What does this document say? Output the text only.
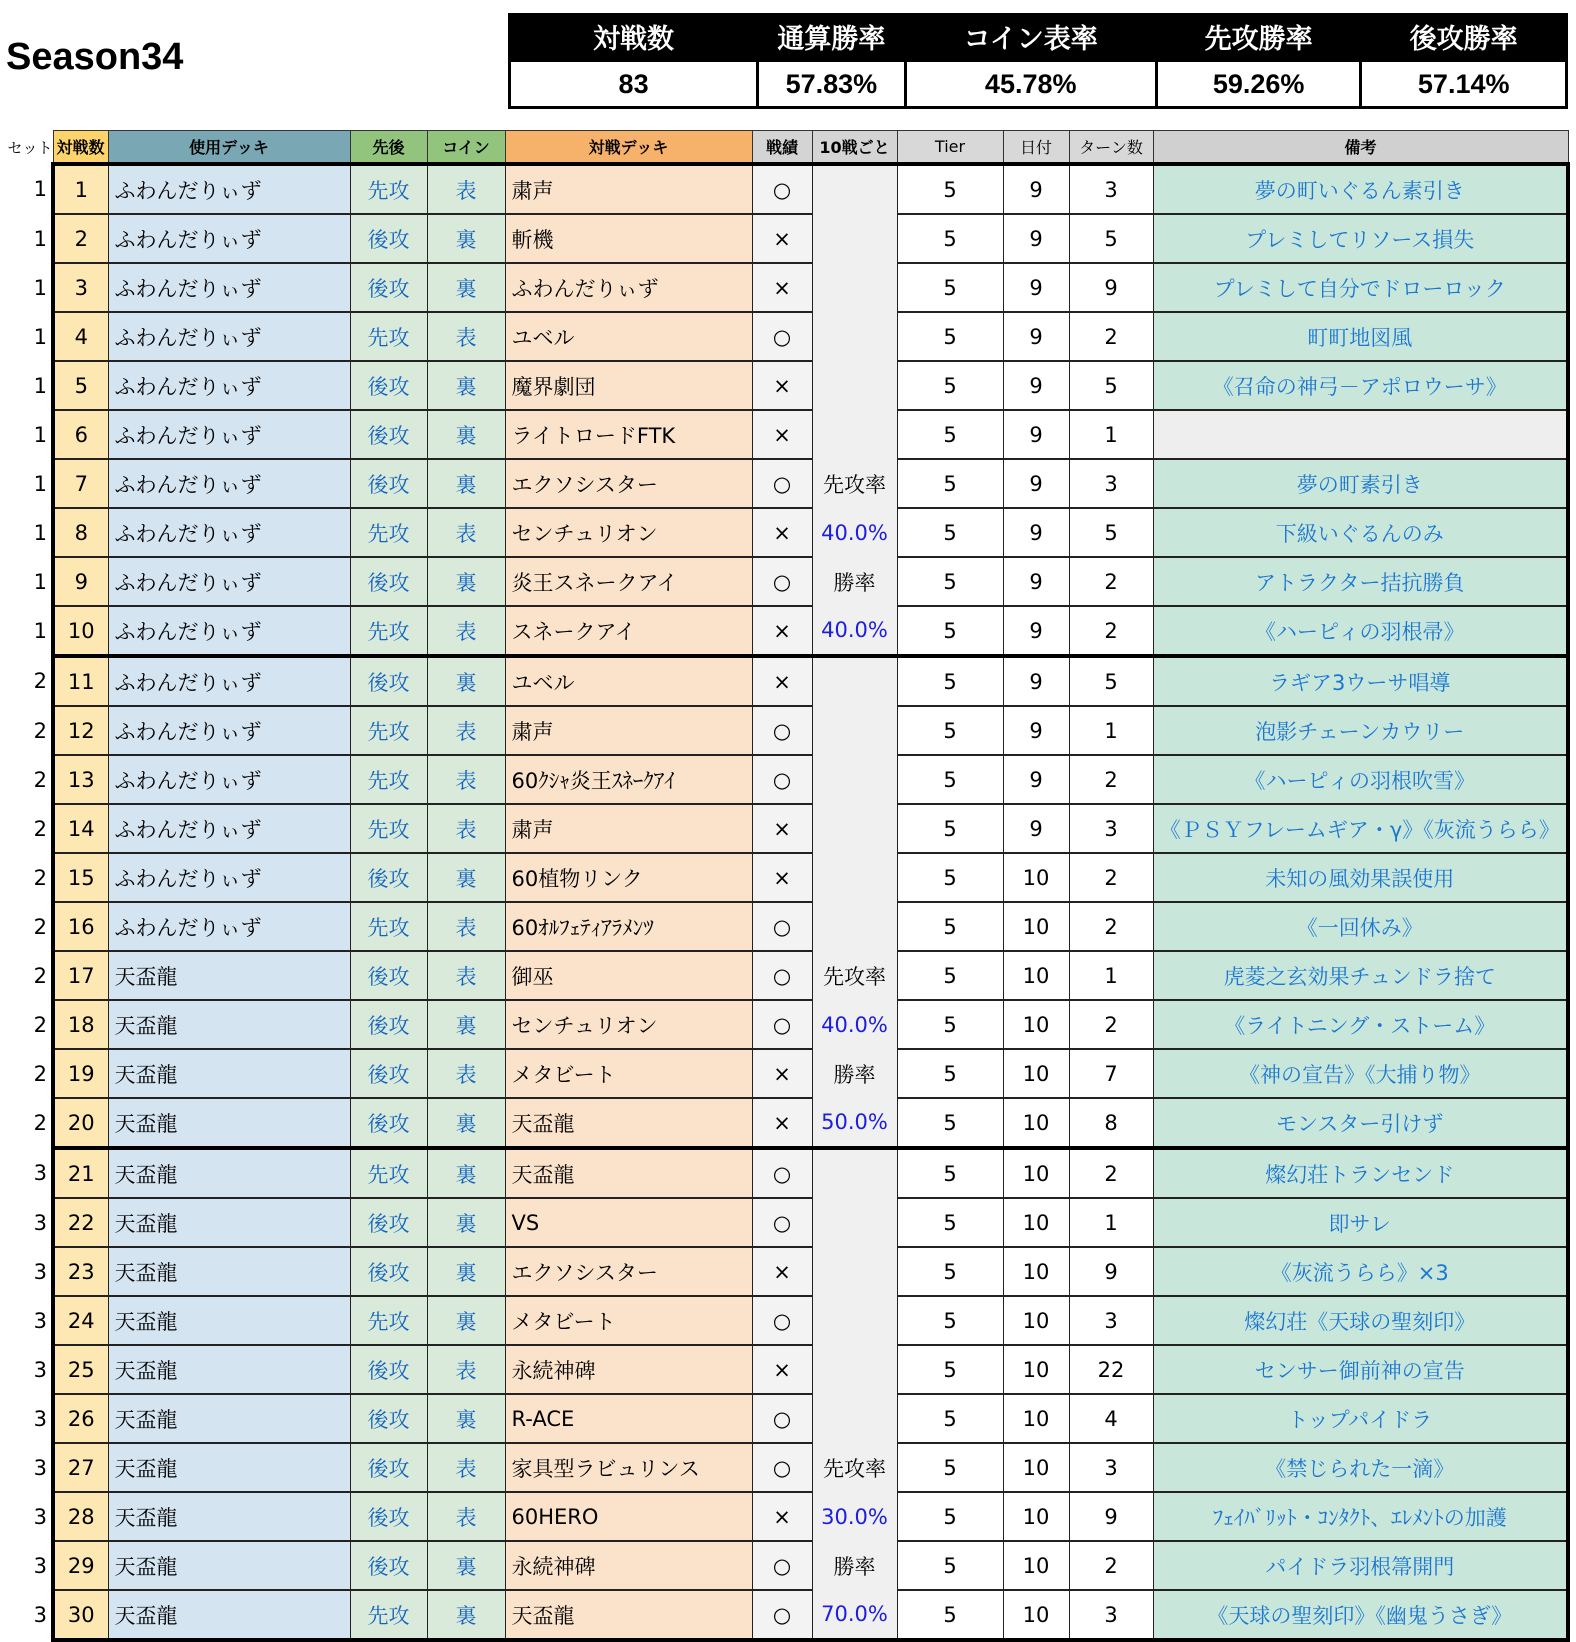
Season34	対戦数	通算勝率	コイン表率	先攻勝率	後攻勝率
83	57.83%	45.78%	59.26%	57.14%
セット	対戦数	使用デッキ	先後	コイン	対戦デッキ	戦績	10戦ごと	Tier	日付	ターン数	備考
1	1	ふわんだりぃず	先攻	表	粛声	○		5	9	3	夢の町いぐるん素引き
1	2	ふわんだりぃず	後攻	裏	斬機	×		5	9	5	プレミしてリソース損失
1	3	ふわんだりぃず	後攻	裏	ふわんだりぃず	×		5	9	9	プレミして自分でドローロック
1	4	ふわんだりぃず	先攻	表	ユベル	○		5	9	2	町町地図風
1	5	ふわんだりぃず	後攻	裏	魔界劇団	×		5	9	5	《召命の神弓－アポロウーサ》
1	6	ふわんだりぃず	後攻	裏	ライトロードFTK	×		5	9	1	
1	7	ふわんだりぃず	後攻	裏	エクソシスター	○	先攻率	5	9	3	夢の町素引き
1	8	ふわんだりぃず	先攻	表	センチュリオン	×	40.0%	5	9	5	下級いぐるんのみ
1	9	ふわんだりぃず	後攻	裏	炎王スネークアイ	○	勝率	5	9	2	アトラクター拮抗勝負
1	10	ふわんだりぃず	先攻	表	スネークアイ	×	40.0%	5	9	2	《ハーピィの羽根帚》
2	11	ふわんだりぃず	後攻	裏	ユベル	×		5	9	5	ラギア3ウーサ唱導
2	12	ふわんだりぃず	先攻	表	粛声	○		5	9	1	泡影チェーンカウリー
2	13	ふわんだりぃず	先攻	表	60ｸｼｬ炎王ｽﾈｰｸｱｲ	○		5	9	2	《ハーピィの羽根吹雪》
2	14	ふわんだりぃず	先攻	表	粛声	×		5	9	3	《ＰＳＹフレームギア・γ》《灰流うらら》
2	15	ふわんだりぃず	後攻	裏	60植物リンク	×		5	10	2	未知の風効果誤使用
2	16	ふわんだりぃず	先攻	表	60ｵﾙﾌｪﾃｨｱﾗﾒﾝﾂ	○		5	10	2	《一回休み》
2	17	天盃龍	後攻	表	御巫	○	先攻率	5	10	1	虎菱之玄効果チュンドラ捨て
2	18	天盃龍	後攻	裏	センチュリオン	○	40.0%	5	10	2	《ライトニング・ストーム》
2	19	天盃龍	後攻	表	メタビート	×	勝率	5	10	7	《神の宣告》《大捕り物》
2	20	天盃龍	後攻	裏	天盃龍	×	50.0%	5	10	8	モンスター引けず
3	21	天盃龍	先攻	裏	天盃龍	○		5	10	2	燦幻荘トランセンド
3	22	天盃龍	後攻	裏	VS	○		5	10	1	即サレ
3	23	天盃龍	後攻	裏	エクソシスター	×		5	10	9	《灰流うらら》×3
3	24	天盃龍	先攻	裏	メタビート	○		5	10	3	燦幻荘《天球の聖刻印》
3	25	天盃龍	後攻	表	永続神碑	×		5	10	22	センサー御前神の宣告
3	26	天盃龍	後攻	裏	R-ACE	○		5	10	4	トップパイドラ
3	27	天盃龍	後攻	表	家具型ラビュリンス	○	先攻率	5	10	3	《禁じられた一滴》
3	28	天盃龍	後攻	表	60HERO	×	30.0%	5	10	9	ﾌｪｲﾊﾞﾘｯﾄ・ｺﾝﾀｸﾄ、ｴﾚﾒﾝﾄの加護
3	29	天盃龍	後攻	裏	永続神碑	○	勝率	5	10	2	パイドラ羽根箒開門
3	30	天盃龍	先攻	裏	天盃龍	○	70.0%	5	10	3	《天球の聖刻印》《幽鬼うさぎ》
